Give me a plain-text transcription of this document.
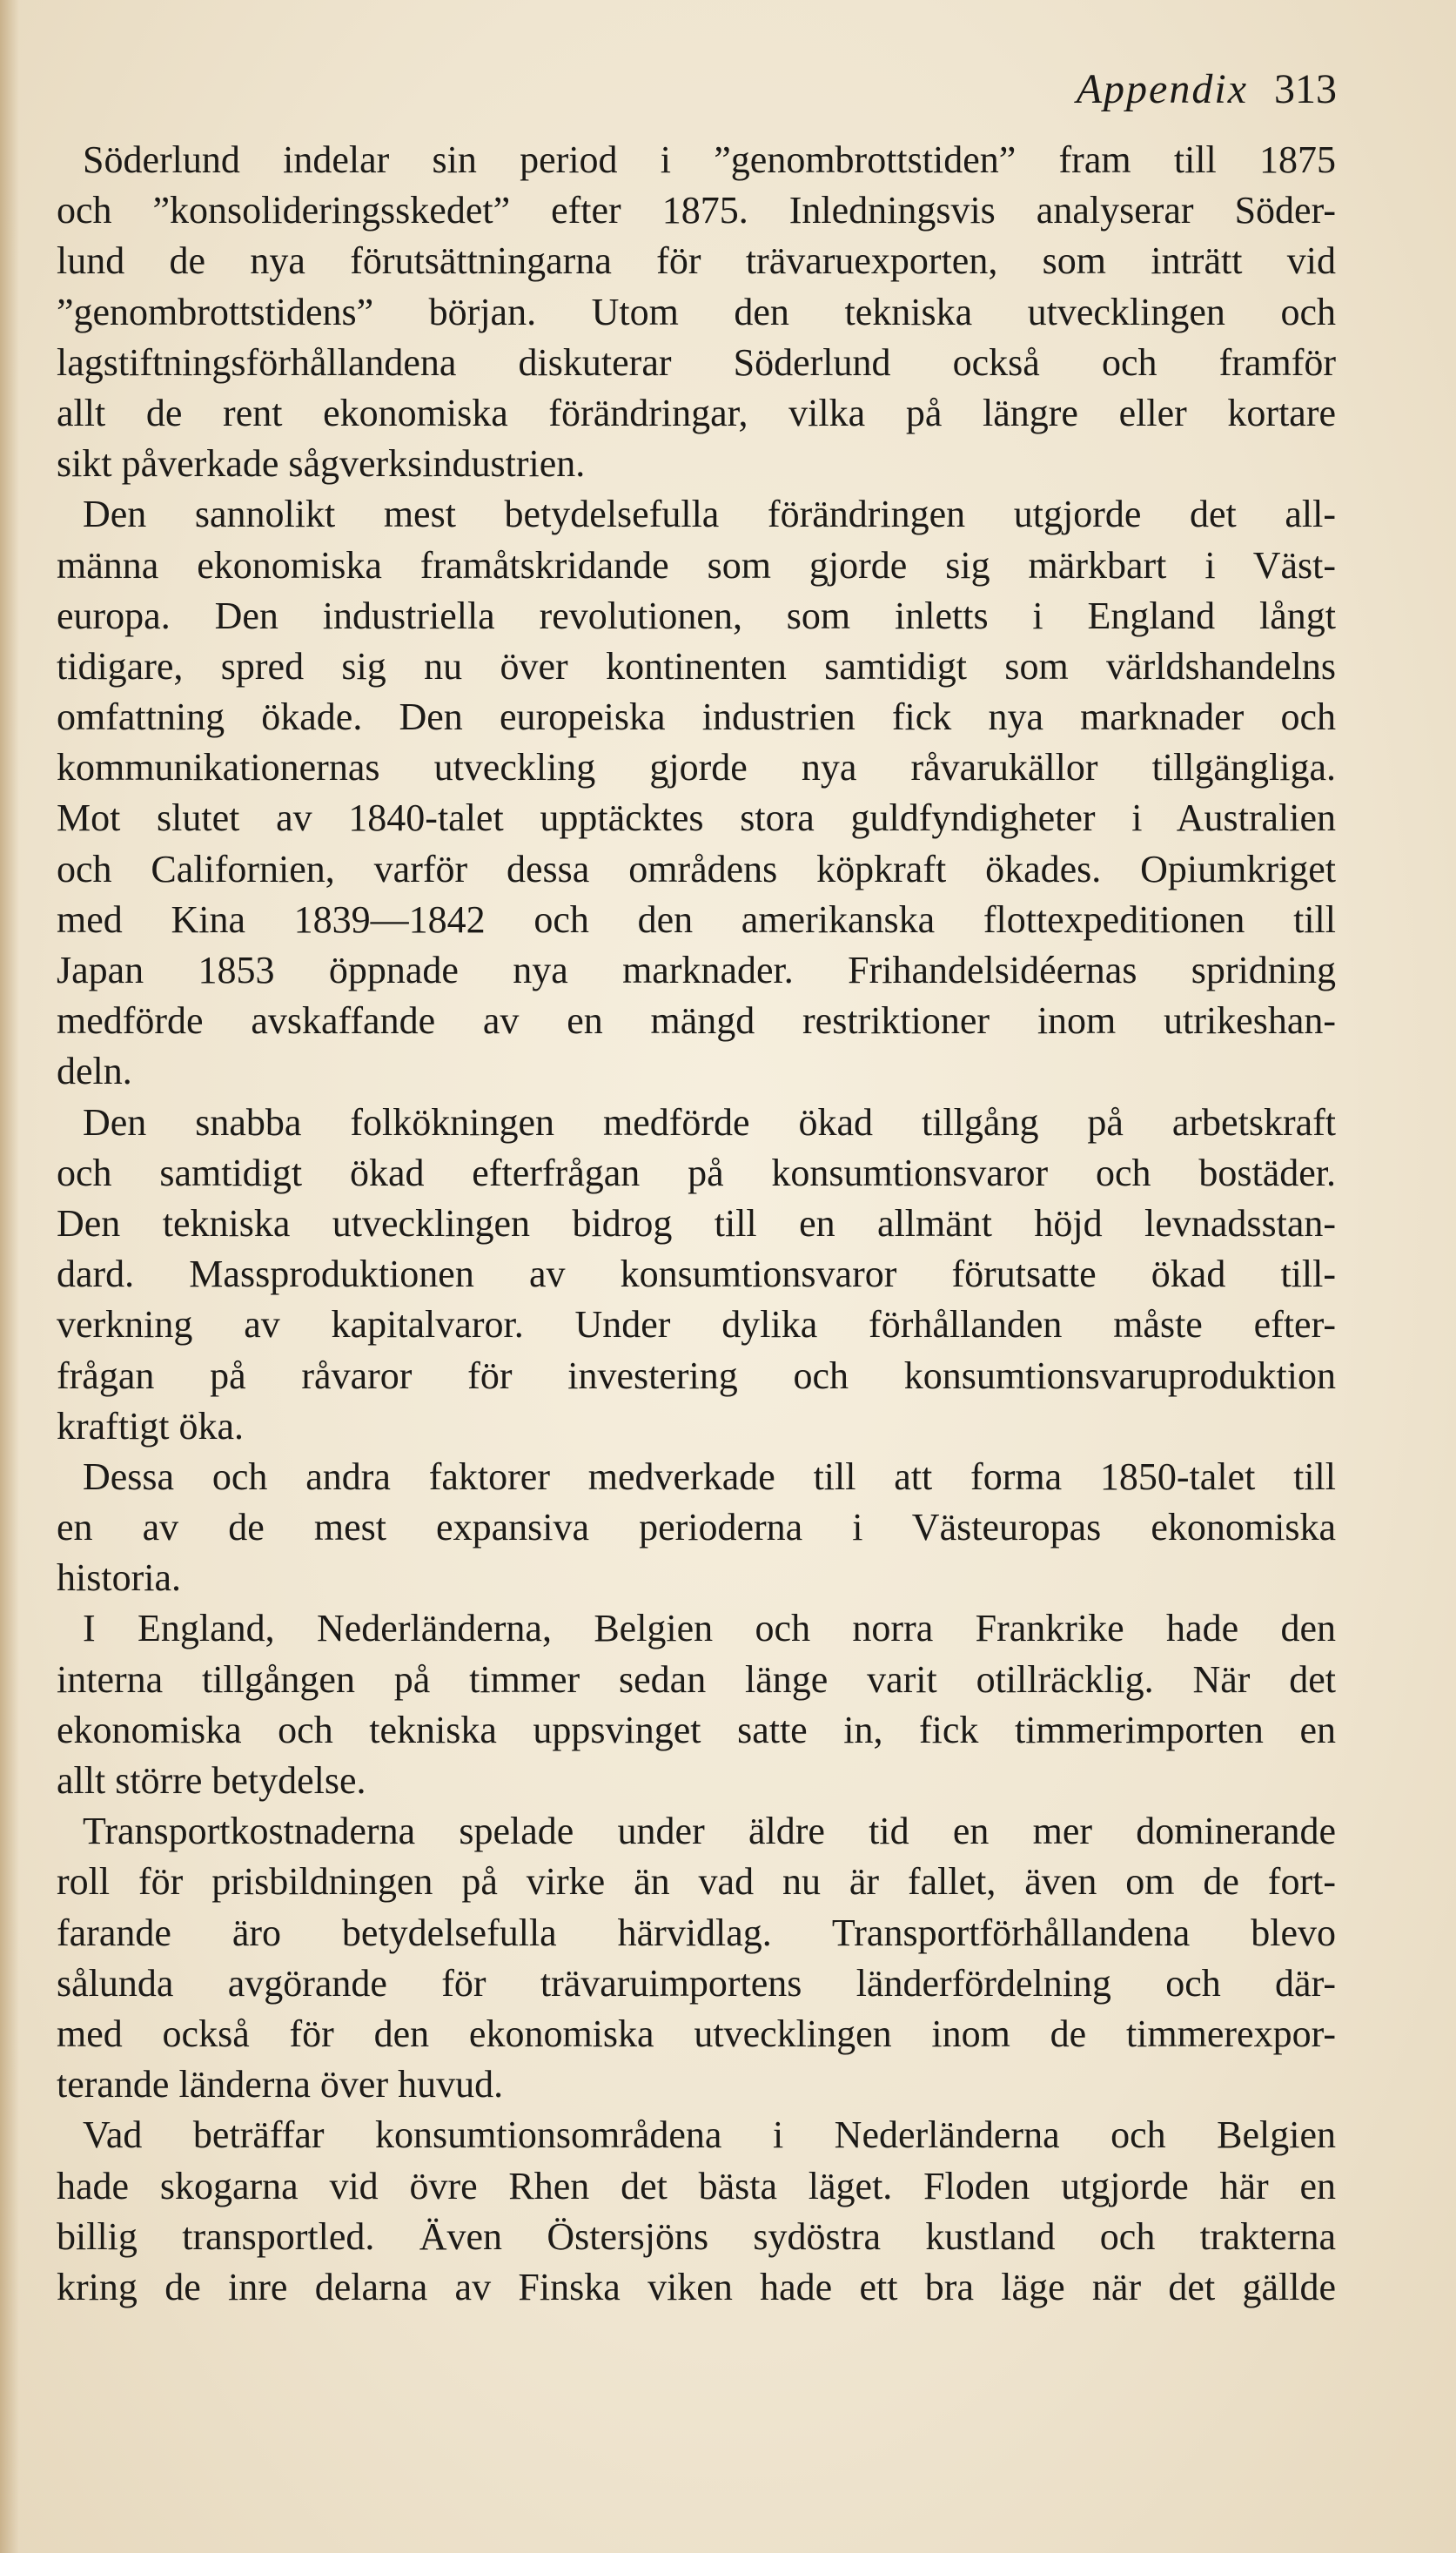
Appendix 313
Söderlund indelar sin period i ”genombrottstiden” fram till 1875
och ”konsolideringsskedet” efter 1875. Inledningsvis analyserar Söder-
lund de nya förutsättningarna för trävaruexporten, som inträtt vid
”genombrottstidens” början. Utom den tekniska utvecklingen och
lagstiftningsförhållandena diskuterar Söderlund också och framför
allt de rent ekonomiska förändringar, vilka på längre eller kortare
sikt påverkade sågverksindustrien.
Den sannolikt mest betydelsefulla förändringen utgjorde det all-
männa ekonomiska framåtskridande som gjorde sig märkbart i Väst-
europa. Den industriella revolutionen, som inletts i England långt
tidigare, spred sig nu över kontinenten samtidigt som världshandelns
omfattning ökade. Den europeiska industrien fick nya marknader och
kommunikationernas utveckling gjorde nya råvarukällor tillgängliga.
Mot slutet av 1840-talet upptäcktes stora guldfyndigheter i Australien
och Californien, varför dessa områdens köpkraft ökades. Opiumkriget
med Kina 1839—1842 och den amerikanska flottexpeditionen till
Japan 1853 öppnade nya marknader. Frihandelsidéernas spridning
medförde avskaffande av en mängd restriktioner inom utrikeshan-
deln.
Den snabba folkökningen medförde ökad tillgång på arbetskraft
och samtidigt ökad efterfrågan på konsumtionsvaror och bostäder.
Den tekniska utvecklingen bidrog till en allmänt höjd levnadsstan-
dard. Massproduktionen av konsumtionsvaror förutsatte ökad till-
verkning av kapitalvaror. Under dylika förhållanden måste efter-
frågan på råvaror för investering och konsumtionsvaruproduktion
kraftigt öka.
Dessa och andra faktorer medverkade till att forma 1850-talet till
en av de mest expansiva perioderna i Västeuropas ekonomiska
historia.
I England, Nederländerna, Belgien och norra Frankrike hade den
interna tillgången på timmer sedan länge varit otillräcklig. När det
ekonomiska och tekniska uppsvinget satte in, fick timmerimporten en
allt större betydelse.
Transportkostnaderna spelade under äldre tid en mer dominerande
roll för prisbildningen på virke än vad nu är fallet, även om de fort-
farande äro betydelsefulla härvidlag. Transportförhållandena blevo
sålunda avgörande för trävaruimportens länderfördelning och där-
med också för den ekonomiska utvecklingen inom de timmerexpor-
terande länderna över huvud.
Vad beträffar konsumtionsområdena i Nederländerna och Belgien
hade skogarna vid övre Rhen det bästa läget. Floden utgjorde här en
billig transportled. Även Östersjöns sydöstra kustland och trakterna
kring de inre delarna av Finska viken hade ett bra läge när det gällde
